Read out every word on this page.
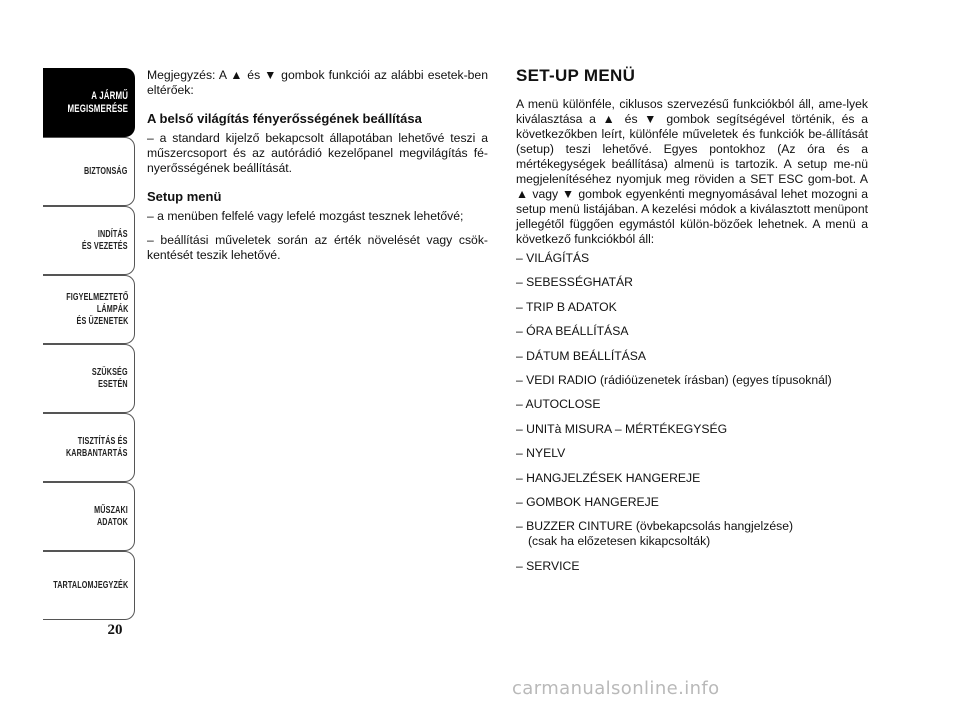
A JÁRMŰ
MEGISMERÉSE
BIZTONSÁG
INDÍTÁS
ÉS VEZETÉS
FIGYELMEZTETŐ
LÁMPÁK
ÉS ÜZENETEK
SZÜKSÉG
ESETÉN
TISZTÍTÁS ÉS
KARBANTARTÁS
MŰSZAKI
ADATOK
TARTALOMJEGYZÉK
20

Megjegyzés: A ▲ és ▼ gombok funkciói az alábbi esetek-ben eltérőek:

A belső világítás fényerősségének beállítása

– a standard kijelző bekapcsolt állapotában lehetővé teszi a műszercsoport és az autórádió kezelőpanel megvilágítás fé-nyerősségének beállítását.

Setup menü

– a menüben felfelé vagy lefelé mozgást tesznek lehetővé;

– beállítási műveletek során az érték növelését vagy csök-kentését teszik lehetővé.

SET-UP MENÜ

A menü különféle, ciklusos szervezésű funkciókból áll, ame-lyek kiválasztása a ▲ és ▼ gombok segítségével történik, és a következőkben leírt, különféle műveletek és funkciók be-állítását (setup) teszi lehetővé. Egyes pontokhoz (Az óra és a mértékegységek beállítása) almenü is tartozik. A setup me-nü megjelenítéséhez nyomjuk meg röviden a SET ESC gom-bot. A ▲ vagy ▼ gombok egyenkénti megnyomásával lehet mozogni a setup menü listájában. A kezelési módok a kiválasztott menüpont jellegétől függően egymástól külön-bözőek lehetnek. A menü a következő funkciókból áll:

– VILÁGÍTÁS
– SEBESSÉGHATÁR
– TRIP B ADATOK
– ÓRA BEÁLLÍTÁSA
– DÁTUM BEÁLLÍTÁSA
– VEDI RADIO (rádióüzenetek írásban) (egyes típusoknál)
– AUTOCLOSE
– UNITà MISURA – MÉRTÉKEGYSÉG
– NYELV
– HANGJELZÉSEK HANGEREJE
– GOMBOK HANGEREJE
– BUZZER CINTURE (övbekapcsolás hangjelzése)
(csak ha előzetesen kikapcsolták)
– SERVICE
carmanualsonline.info
